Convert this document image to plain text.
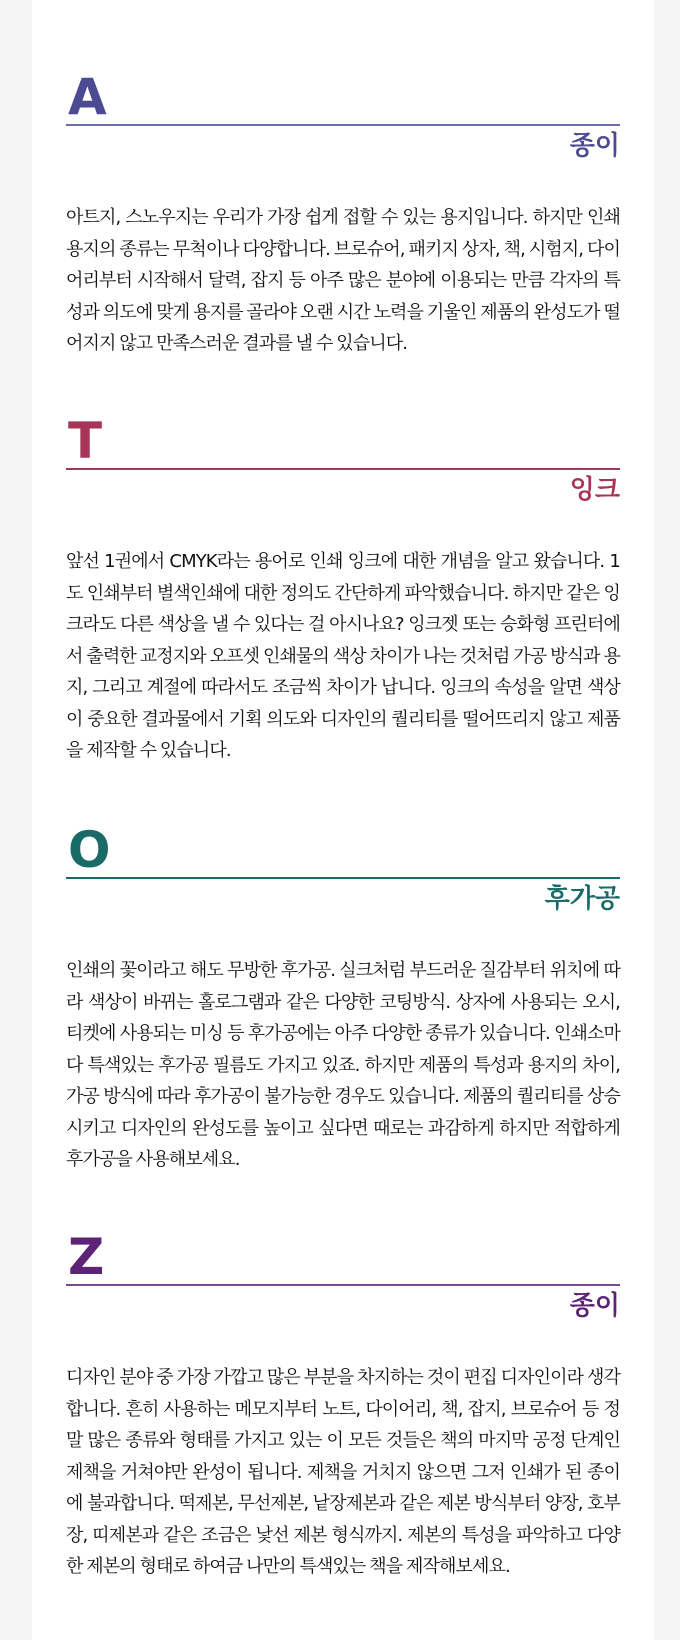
A
종이
아트지, 스노우지는 우리가 가장 쉽게 접할 수 있는 용지입니다. 하지만 인쇄 용지의 종류는 무척이나 다양합니다. 브로슈어, 패키지 상자, 책, 시험지, 다이어리부터 시작해서 달력, 잡지 등 아주 많은 분야에 이용되는 만큼 각자의 특성과 의도에 맞게 용지를 골라야 오랜 시간 노력을 기울인 제품의 완성도가 떨어지지 않고 만족스러운 결과를 낼 수 있습니다.
T
잉크
앞선 1권에서 CMYK라는 용어로 인쇄 잉크에 대한 개념을 알고 왔습니다. 1도 인쇄부터 별색인쇄에 대한 정의도 간단하게 파악했습니다. 하지만 같은 잉크라도 다른 색상을 낼 수 있다는 걸 아시나요? 잉크젯 또는 승화형 프린터에서 출력한 교정지와 오프셋 인쇄물의 색상 차이가 나는 것처럼 가공 방식과 용지, 그리고 계절에 따라서도 조금씩 차이가 납니다. 잉크의 속성을 알면 색상이 중요한 결과물에서 기획 의도와 디자인의 퀄리티를 떨어뜨리지 않고 제품을 제작할 수 있습니다.
O
후가공
인쇄의 꽃이라고 해도 무방한 후가공. 실크처럼 부드러운 질감부터 위치에 따라 색상이 바뀌는 홀로그램과 같은 다양한 코팅방식. 상자에 사용되는 오시, 티켓에 사용되는 미싱 등 후가공에는 아주 다양한 종류가 있습니다. 인쇄소마다 특색있는 후가공 필름도 가지고 있죠. 하지만 제품의 특성과 용지의 차이, 가공 방식에 따라 후가공이 불가능한 경우도 있습니다. 제품의 퀄리티를 상승 시키고 디자인의 완성도를 높이고 싶다면 때로는 과감하게 하지만 적합하게 후가공을 사용해보세요.
Z
종이
디자인 분야 중 가장 가깝고 많은 부분을 차지하는 것이 편집 디자인이라 생각합니다. 흔히 사용하는 메모지부터 노트, 다이어리, 책, 잡지, 브로슈어 등 정말 많은 종류와 형태를 가지고 있는 이 모든 것들은 책의 마지막 공정 단계인 제책을 거쳐야만 완성이 됩니다. 제책을 거치지 않으면 그저 인쇄가 된 종이에 불과합니다. 떡제본, 무선제본, 낱장제본과 같은 제본 방식부터 양장, 호부장, 띠제본과 같은 조금은 낯선 제본 형식까지. 제본의 특성을 파악하고 다양한 제본의 형태로 하여금 나만의 특색있는 책을 제작해보세요.
